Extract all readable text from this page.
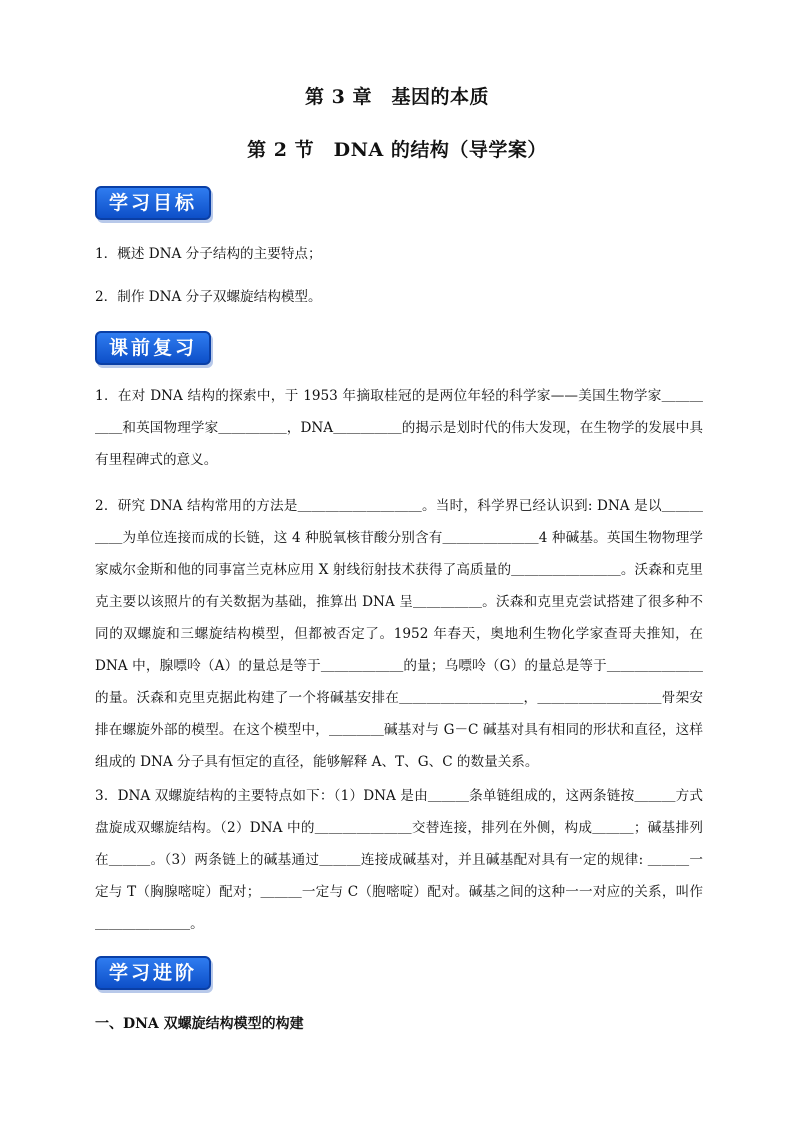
第 3 章　基因的本质
第 2 节　DNA 的结构（导学案）
学习目标
1．概述 DNA 分子结构的主要特点；
2．制作 DNA 分子双螺旋结构模型。
课前复习
1．在对 DNA 结构的探索中，于 1953 年摘取桂冠的是两位年轻的科学家——美国生物学家＿＿＿＿＿和英国物理学家＿＿＿＿＿，DNA＿＿＿＿＿的揭示是划时代的伟大发现，在生物学的发展中具有里程碑式的意义。
2．研究 DNA 结构常用的方法是＿＿＿＿＿＿＿＿＿。当时，科学界已经认识到: DNA 是以＿＿＿＿＿为单位连接而成的长链，这 4 种脱氧核苷酸分别含有＿＿＿＿＿＿＿4 种碱基。英国生物物理学家威尔金斯和他的同事富兰克林应用 X 射线衍射技术获得了高质量的＿＿＿＿＿＿＿＿。沃森和克里克主要以该照片的有关数据为基础，推算出 DNA 呈＿＿＿＿＿。沃森和克里克尝试搭建了很多种不同的双螺旋和三螺旋结构模型，但都被否定了。1952 年春天，奥地利生物化学家查哥夫推知，在 DNA 中，腺嘌呤（A）的量总是等于＿＿＿＿＿＿的量；乌嘌呤（G）的量总是等于＿＿＿＿＿＿＿的量。沃森和克里克据此构建了一个将碱基安排在＿＿＿＿＿＿＿＿＿，＿＿＿＿＿＿＿＿＿骨架安排在螺旋外部的模型。在这个模型中，＿＿＿＿碱基对与 G－C 碱基对具有相同的形状和直径，这样组成的 DNA 分子具有恒定的直径，能够解释 A、T、G、C 的数量关系。
3．DNA 双螺旋结构的主要特点如下：（1）DNA 是由＿＿＿条单链组成的，这两条链按＿＿＿方式盘旋成双螺旋结构。（2）DNA 中的＿＿＿＿＿＿＿交替连接，排列在外侧，构成＿＿＿；碱基排列在＿＿＿。（3）两条链上的碱基通过＿＿＿连接成碱基对，并且碱基配对具有一定的规律: ＿＿＿一定与 T（胸腺嘧啶）配对；＿＿＿一定与 C（胞嘧啶）配对。碱基之间的这种一一对应的关系，叫作＿＿＿＿＿＿＿。
学习进阶
一、DNA 双螺旋结构模型的构建
